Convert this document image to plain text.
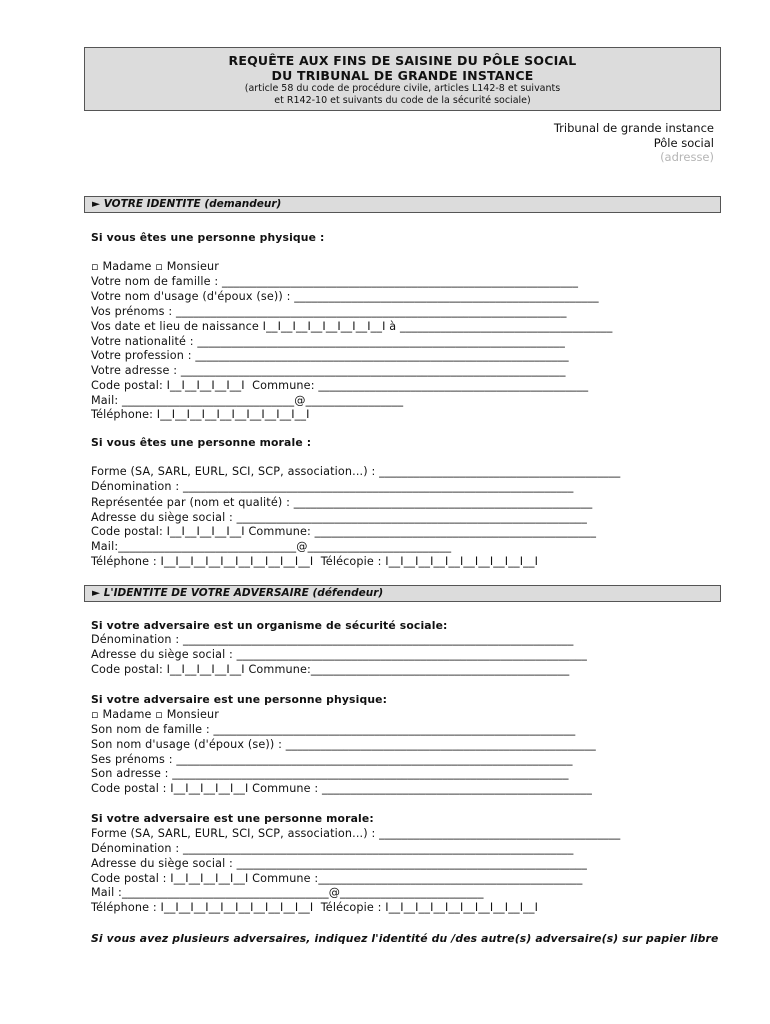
REQUÊTE AUX FINS DE SAISINE DU PÔLE SOCIAL
DU TRIBUNAL DE GRANDE INSTANCE
(article 58 du code de procédure civile, articles L142-8 et suivants
et R142-10 et suivants du code de la sécurité sociale)
Tribunal de grande instance
Pôle social
(adresse)
► VOTRE IDENTITE (demandeur)
Si vous êtes une personne physique :
▫ Madame ▫ Monsieur
Votre nom de famille : ______________________________________________________________
Votre nom d'usage (d'époux (se)) : _____________________________________________________
Vos prénoms : ____________________________________________________________________
Vos date et lieu de naissance I__I__I__I__I__I__I__I__I à _____________________________________
Votre nationalité : ________________________________________________________________
Votre profession : _________________________________________________________________
Votre adresse : ___________________________________________________________________
Code postal: I__I__I__I__I__I  Commune: _______________________________________________
Mail: ______________________________@_________________
Téléphone: I__I__I__I__I__I__I__I__I__I__I
Si vous êtes une personne morale :
Forme (SA, SARL, EURL, SCI, SCP, association...) : __________________________________________
Dénomination : ____________________________________________________________________
Représentée par (nom et qualité) : ____________________________________________________
Adresse du siège social : _____________________________________________________________
Code postal: I__I__I__I__I__I Commune: _________________________________________________
Mail:_______________________________@_________________________
Téléphone : I__I__I__I__I__I__I__I__I__I__I  Télécopie : I__I__I__I__I__I__I__I__I__I__I
► L'IDENTITE DE VOTRE ADVERSAIRE (défendeur)
Si votre adversaire est un organisme de sécurité sociale:
Dénomination : ____________________________________________________________________
Adresse du siège social : _____________________________________________________________
Code postal: I__I__I__I__I__I Commune:_____________________________________________
Si votre adversaire est une personne physique:
▫ Madame ▫ Monsieur
Son nom de famille : _______________________________________________________________
Son nom d'usage (d'époux (se)) : ______________________________________________________
Ses prénoms : _____________________________________________________________________
Son adresse : _____________________________________________________________________
Code postal : I__I__I__I__I__I Commune : _______________________________________________
Si votre adversaire est une personne morale:
Forme (SA, SARL, EURL, SCI, SCP, association...) : __________________________________________
Dénomination : ____________________________________________________________________
Adresse du siège social : _____________________________________________________________
Code postal : I__I__I__I__I__I Commune :______________________________________________
Mail :____________________________________@_________________________
Téléphone : I__I__I__I__I__I__I__I__I__I__I  Télécopie : I__I__I__I__I__I__I__I__I__I__I
Si vous avez plusieurs adversaires, indiquez l'identité du /des autre(s) adversaire(s) sur papier libre
